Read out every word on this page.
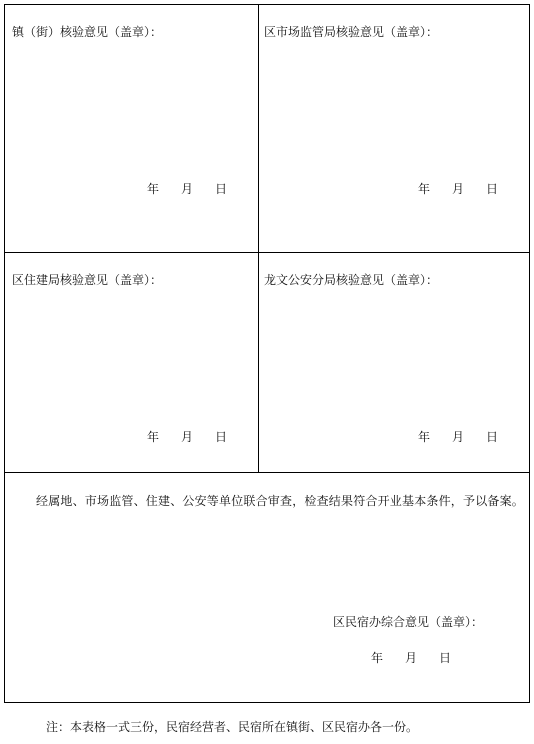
镇（街）核验意见（盖章）：
年 月 日
区市场监管局核验意见（盖章）：
年 月 日
区住建局核验意见（盖章）：
年 月 日
龙文公安分局核验意见（盖章）：
年 月 日
经属地、市场监管、住建、公安等单位联合审查，检查结果符合开业基本条件，予以备案。
区民宿办综合意见（盖章）：
年 月 日
注：本表格一式三份，民宿经营者、民宿所在镇街、区民宿办各一份。
